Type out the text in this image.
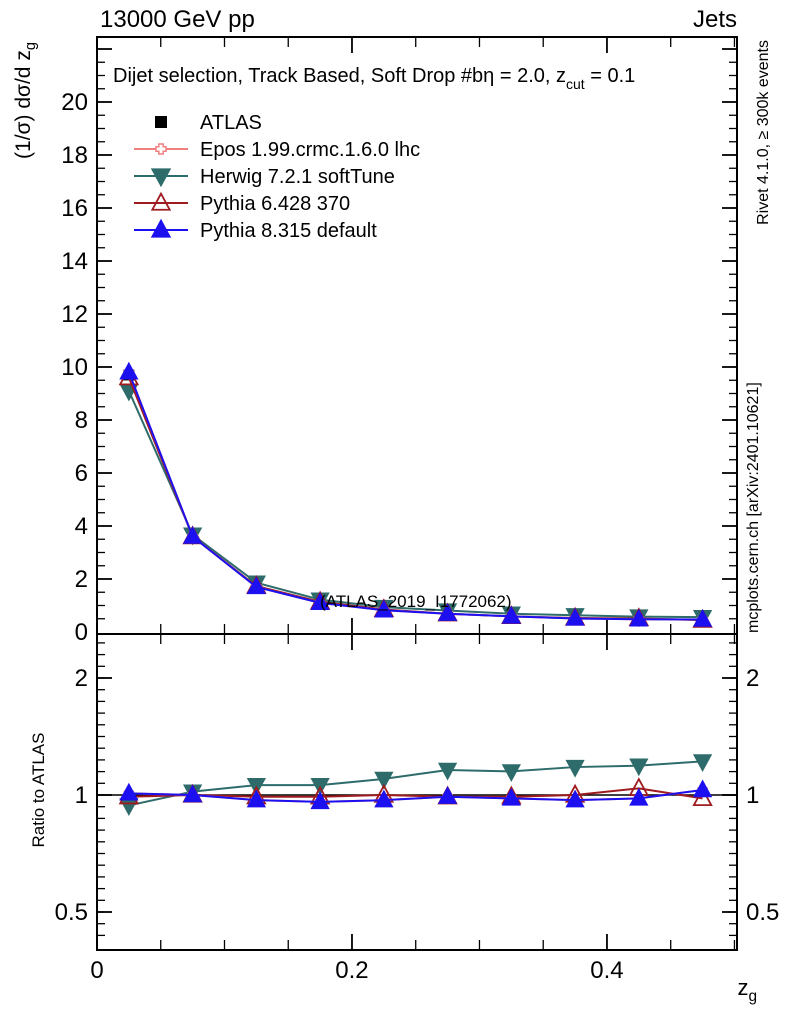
13000 GeV pp	Jets
0
2
4
6
8
10
12
14
16
18
20
0.5	0.5
1	1
2	2
0	0.2	0.4
ATLAS
Epos 1.99.crmc.1.6.0 lhc
Herwig 7.2.1 softTune
Pythia 6.428 370
Pythia 8.315 default
Dijet selection, Track Based, Soft Drop #bη = 2.0, $z_{cut} = 0.1$
(ATLAS_2019_I1772062)
(1/σ) dσ/d $z_g$
Ratio to ATLAS
$z_g$
Rivet 4.1.0, ≥ 300k events
mcplots.cern.ch [arXiv:2401.10621]
